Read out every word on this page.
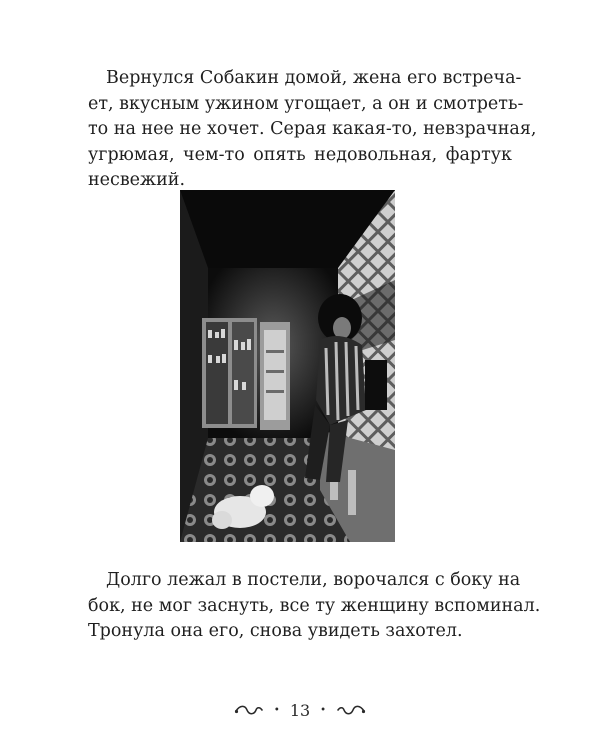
Вернулся Собакин домой, жена его встреча-
ет, вкусным ужином угощает, а он и смотреть-
то на нее не хочет. Серая какая-то, невзрачная,
угрюмая, чем-то опять недовольная, фартук
несвежий.

Долго лежал в постели, ворочался с боку на
бок, не мог заснуть, все ту женщину вспоминал.
Тронула она его, снова увидеть захотел.

• 13 •
